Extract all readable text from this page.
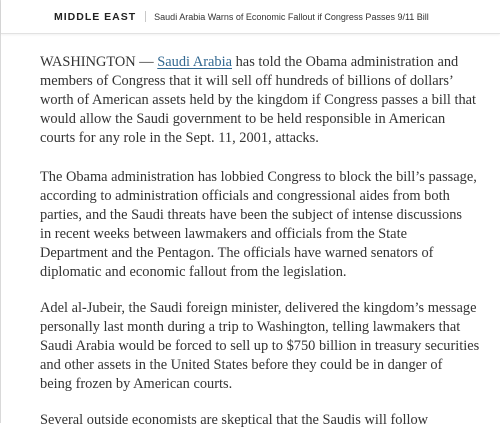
MIDDLE EAST Saudi Arabia Warns of Economic Fallout if Congress Passes 9/11 Bill

WASHINGTON — Saudi Arabia has told the Obama administration and
members of Congress that it will sell off hundreds of billions of dollars’
worth of American assets held by the kingdom if Congress passes a bill that
would allow the Saudi government to be held responsible in American
courts for any role in the Sept. 11, 2001, attacks.

The Obama administration has lobbied Congress to block the bill’s passage,
according to administration officials and congressional aides from both
parties, and the Saudi threats have been the subject of intense discussions
in recent weeks between lawmakers and officials from the State
Department and the Pentagon. The officials have warned senators of
diplomatic and economic fallout from the legislation.

Adel al-Jubeir, the Saudi foreign minister, delivered the kingdom’s message
personally last month during a trip to Washington, telling lawmakers that
Saudi Arabia would be forced to sell up to $750 billion in treasury securities
and other assets in the United States before they could be in danger of
being frozen by American courts.

Several outside economists are skeptical that the Saudis will follow
